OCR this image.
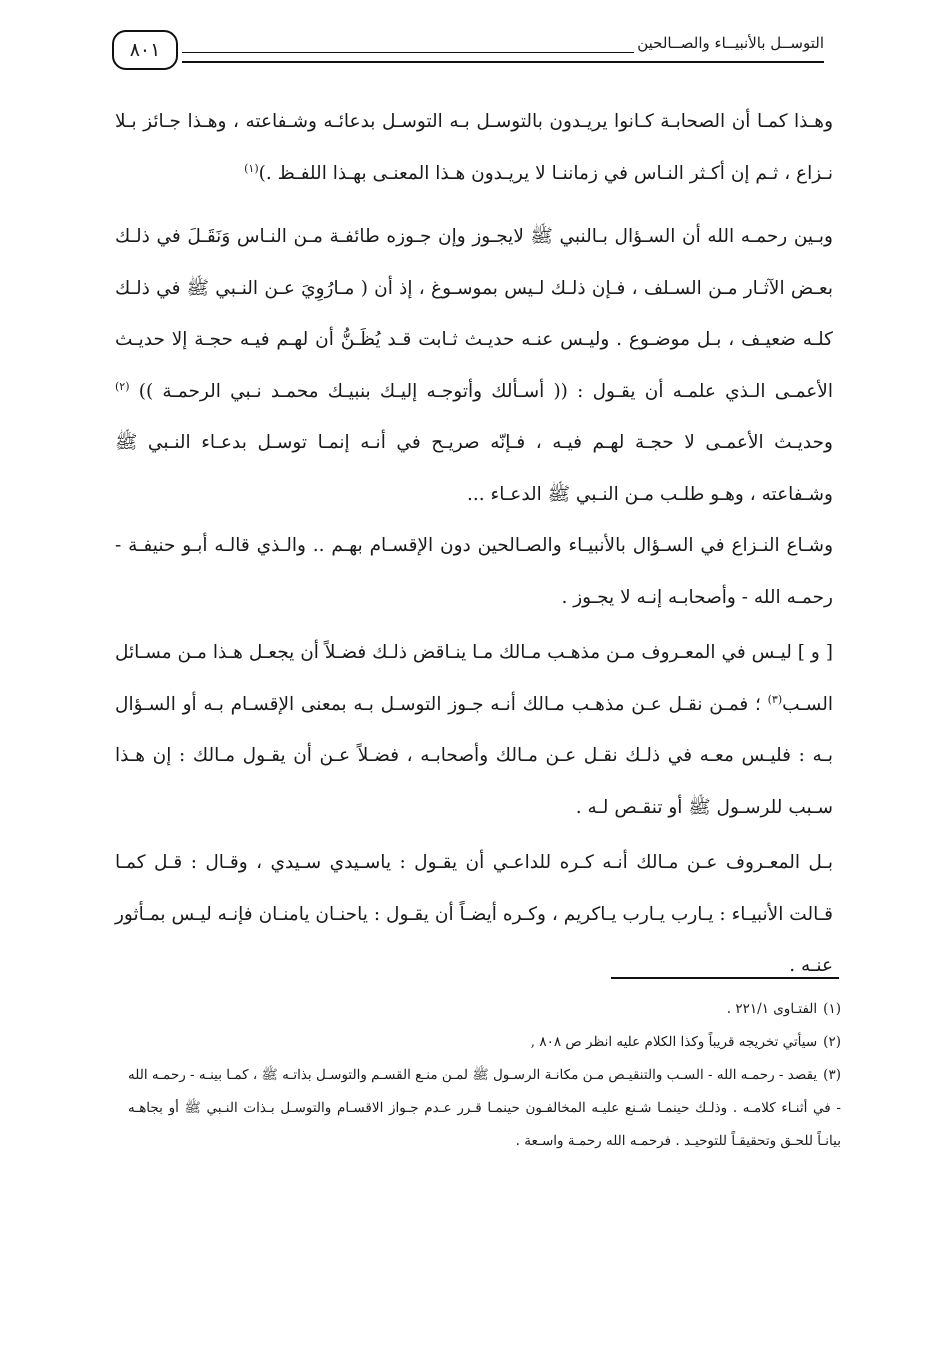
التوســل بالأنبيــاء والصــالحين
٨٠١

وهـذا كمـا أن الصحابـة كـانوا يريـدون بالتوسـل بـه التوسـل بدعائـه وشـفاعته ، وهـذا جـائز بـلا نـزاع ، ثـم إن أكـثر النـاس في زماننـا لا يريـدون هـذا المعنـى بهـذا اللفـظ .)$^{(١)}$

وبـين رحمـه الله أن السـؤال بـالنبي ﷺ لايجـوز وإن جـوزه طائفـة مـن النـاس وَنَقَـلَ في ذلـك بعـض الآثـار مـن السـلف ، فـإن ذلـك لـيس بموسـوغ ، إذ أن ( مـارُوِيَ عـن النـبي ﷺ في ذلـك كلـه ضعيـف ، بـل موضـوع . وليـس عنـه حديـث ثـابت قـد يُظَـنُّ أن لهـم فيـه حجـة إلا حديـث الأعمـى الـذي علمـه أن يقـول : (( أسـألك وأتوجـه إليـك بنبيـك محمـد نـبي الرحمـة )) $^{(٢)}$ وحديـث الأعمـى لا حجـة لهـم فيـه ، فـإنّه صريـح في أنـه إنمـا توسـل بدعـاء النـبي ﷺ وشـفاعته ، وهـو طلـب مـن النـبي ﷺ الدعـاء ...

وشـاع النـزاع في السـؤال بالأنبيـاء والصـالحين دون الإقسـام بهـم .. والـذي قالـه أبـو حنيفـة - رحمـه الله - وأصحابـه إنـه لا يجـوز .

[ و ] ليـس في المعـروف مـن مذهـب مـالك مـا ينـاقض ذلـك فضـلاً أن يجعـل هـذا مـن مسـائل السـب$^{(٣)}$ ؛ فمـن نقـل عـن مذهـب مـالك أنـه جـوز التوسـل بـه بمعنى الإقسـام بـه أو السـؤال بـه : فليـس معـه في ذلـك نقـل عـن مـالك وأصحابـه ، فضـلاً عـن أن يقـول مـالك : إن هـذا سـبب للرسـول ﷺ أو تنقـص لـه .

بـل المعـروف عـن مـالك أنـه كـره للداعـي أن يقـول : ياسـيدي سـيدي ، وقـال : قـل كمـا قـالت الأنبيـاء : يـارب يـارب يـاكريم ، وكـره أيضـاً أن يقـول : ياحنـان يامنـان فإنـه ليـس بمـأثور عنـه .

(١)الفتـاوى ٢٢١/١ .

(٢)سيأتي تخريجه قريباً وكذا الكلام عليه انظر ص ٨٠٨ ,

(٣)يقصد - رحمـه الله - السـب والتنقيـص مـن مكانـة الرسـول ﷺ لمـن منـع القسـم والتوسـل بذاتـه ﷺ ، كمـا بينـه - رحمـه الله - في أثنـاء كلامـه . وذلـك حينمـا شـنع عليـه المخالفـون حينمـا قـرر عـدم جـواز الاقسـام والتوسـل بـذات النـبي ﷺ أو بجاهـه بيانـاً للحـق وتحقيقـاً للتوحيـد . فرحمـه الله رحمـة واسـعة .
